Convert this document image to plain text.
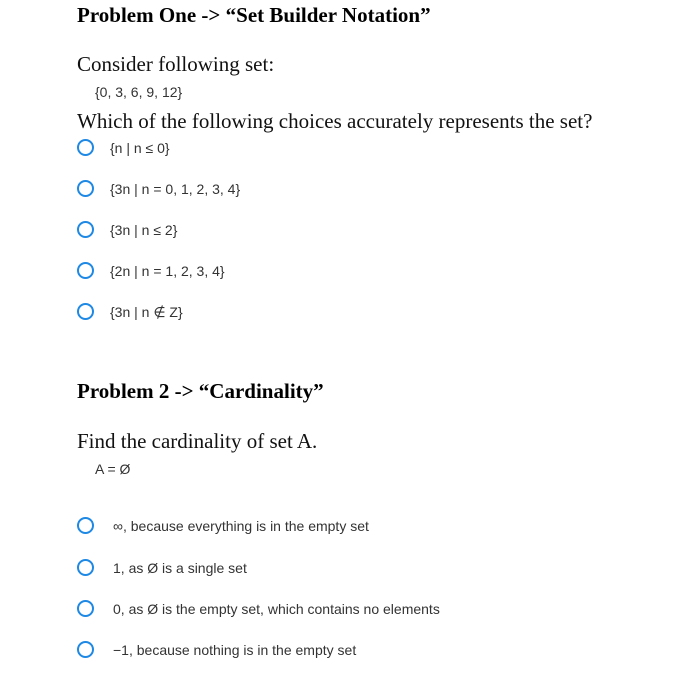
Problem One -> “Set Builder Notation”
Consider following set:
{0, 3, 6, 9, 12}
Which of the following choices accurately represents the set?
{n | n ≤ 0}
{3n | n = 0, 1, 2, 3, 4}
{3n | n ≤ 2}
{2n | n = 1, 2, 3, 4}
{3n | n ∉ Z}
Problem 2 -> “Cardinality”
Find the cardinality of set A.
A = Ø
∞, because everything is in the empty set
1, as Ø is a single set
0, as Ø is the empty set, which contains no elements
−1, because nothing is in the empty set
